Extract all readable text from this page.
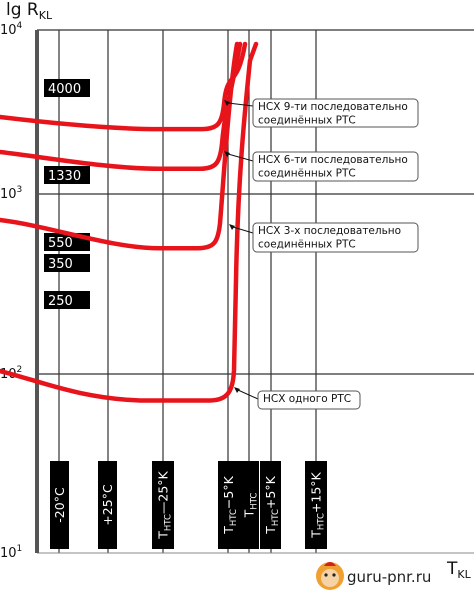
$\lg R_{KL}$
$T_{KL}$
$10^1$
$10^2$
$10^3$
$10^4$
4000
1330
550
350
250
-20°C	+25°C
$T_{HTC}—25^\circ K$
$T_{HTC}-5^\circ K$
$T_{HTC}$
$T_{HTC}+5^\circ K$
$T_{HTC}+15^\circ K$
НСХ 9-ти последовательно
соединённых РТС
НСХ 6-ти последовательно
соединённых РТС
НСХ 3-х последовательно
соединённых РТС
НСХ одного РТС
guru-pnr.ru
